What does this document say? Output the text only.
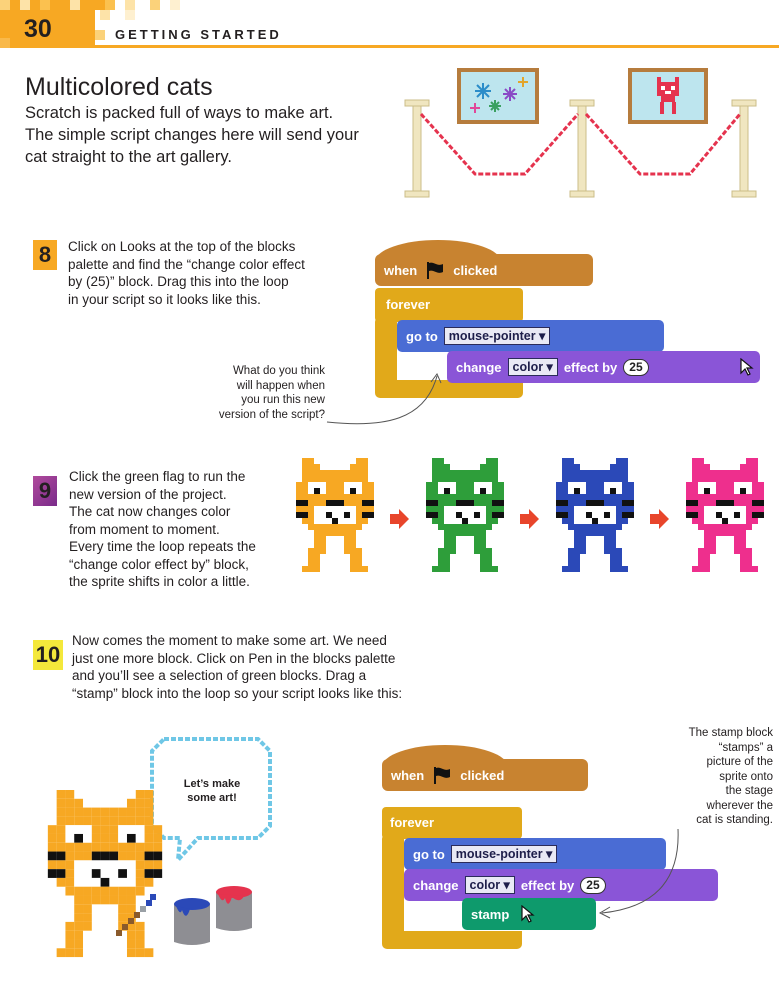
30	GETTING STARTED
Multicolored cats
Scratch is packed full of ways to make art. The simple script changes here will send your cat straight to the art gallery.
8 Click on Looks at the top of the blocks
palette and find the “change color effect
by (25)” block. Drag this into the loop
in your script so it looks like this.
when	clicked
forever
go to mouse-pointer ▾
change color ▾ effect by	25
What do you think
will happen when
you run this new
version of the script?
9
Click the green flag to run the
new version of the project.
The cat now changes color
from moment to moment.
Every time the loop repeats the
“change color effect by” block,
the sprite shifts in color a little.
10
Now comes the moment to make some art. We need
just one more block. Click on Pen in the blocks palette
and you’ll see a selection of green blocks. Drag a
“stamp” block into the loop so your script looks like this:
Let’s make
some art!
when	clicked
forever
go to mouse-pointer ▾
change color ▾ effect by	25
stamp
The stamp block
“stamps” a
picture of the
sprite onto
the stage
wherever the
cat is standing.
